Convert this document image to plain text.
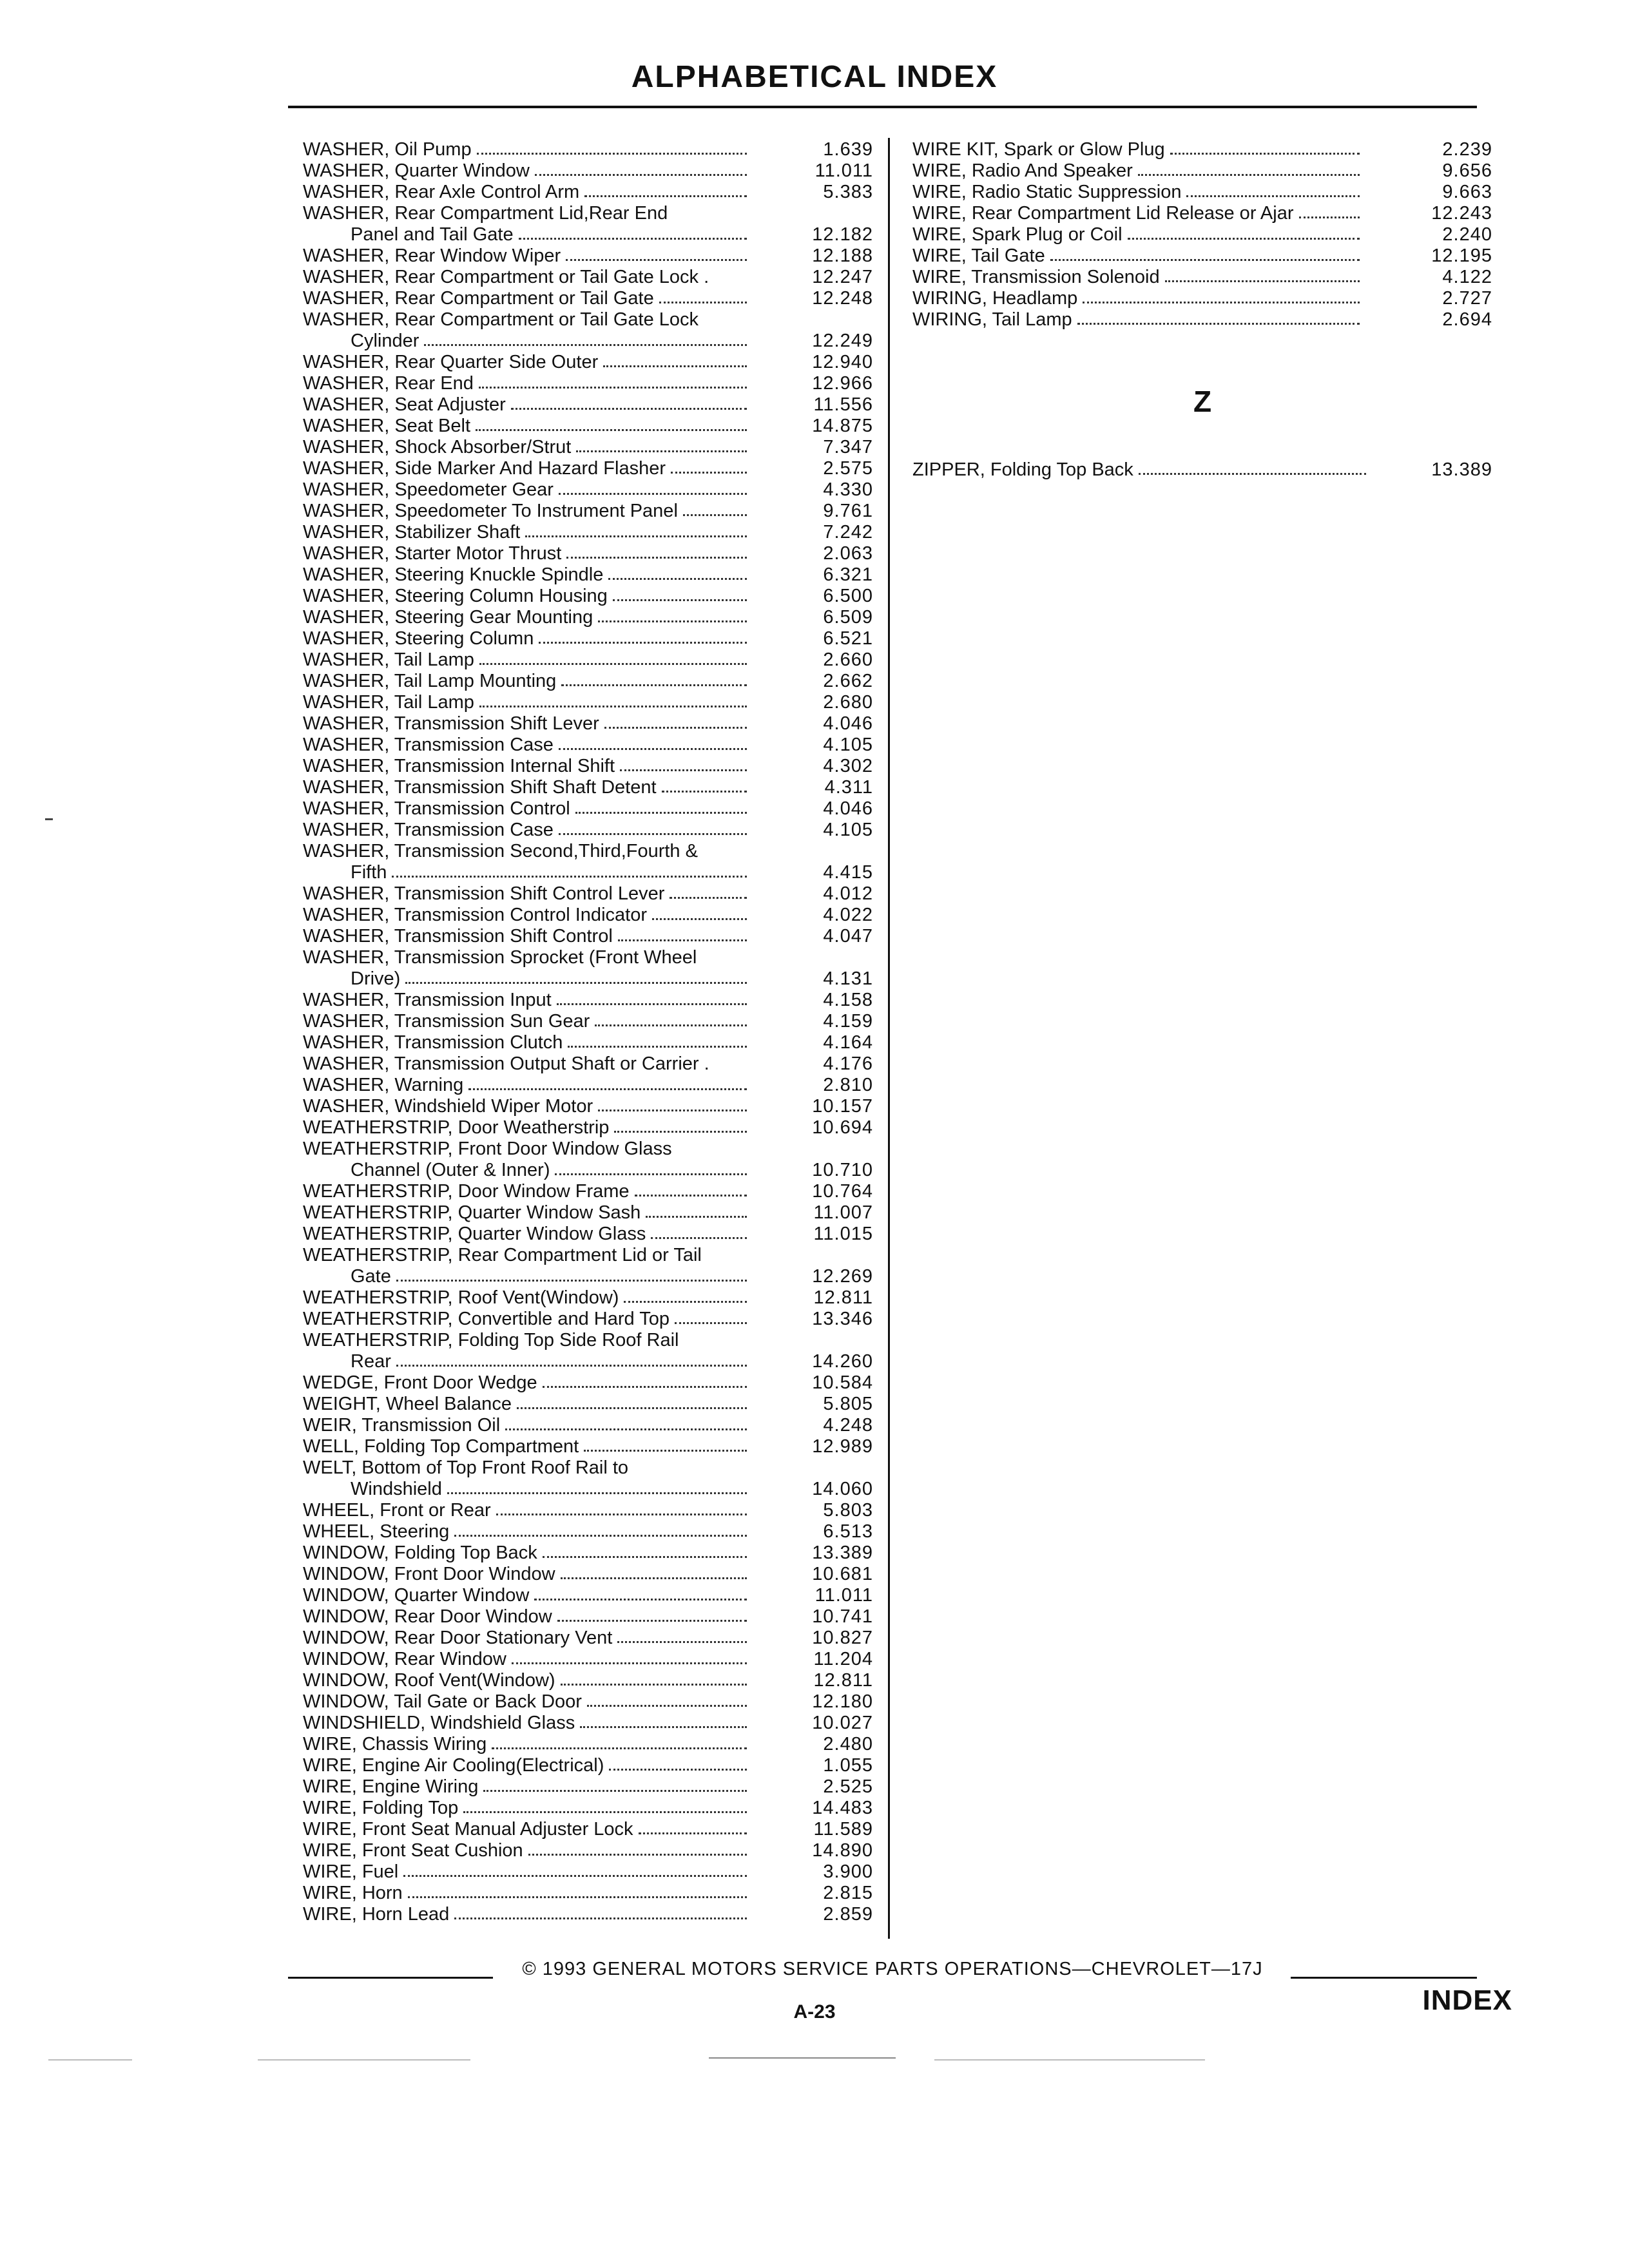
ALPHABETICAL INDEX
WASHER, Oil Pump	1.639
WASHER, Quarter Window	11.011
WASHER, Rear Axle Control Arm	5.383
WASHER, Rear Compartment Lid,Rear End
Panel and Tail Gate	12.182
WASHER, Rear Window Wiper	12.188
WASHER, Rear Compartment or Tail Gate Lock .	12.247
WASHER, Rear Compartment or Tail Gate	12.248
WASHER, Rear Compartment or Tail Gate Lock
Cylinder	12.249
WASHER, Rear Quarter Side Outer	12.940
WASHER, Rear End	12.966
WASHER, Seat Adjuster	11.556
WASHER, Seat Belt	14.875
WASHER, Shock Absorber/Strut	7.347
WASHER, Side Marker And Hazard Flasher	2.575
WASHER, Speedometer Gear	4.330
WASHER, Speedometer To Instrument Panel	9.761
WASHER, Stabilizer Shaft	7.242
WASHER, Starter Motor Thrust	2.063
WASHER, Steering Knuckle Spindle	6.321
WASHER, Steering Column Housing	6.500
WASHER, Steering Gear Mounting	6.509
WASHER, Steering Column	6.521
WASHER, Tail Lamp	2.660
WASHER, Tail Lamp Mounting	2.662
WASHER, Tail Lamp	2.680
WASHER, Transmission Shift Lever	4.046
WASHER, Transmission Case	4.105
WASHER, Transmission Internal Shift	4.302
WASHER, Transmission Shift Shaft Detent	4.311
WASHER, Transmission Control	4.046
WASHER, Transmission Case	4.105
WASHER, Transmission Second,Third,Fourth &
Fifth	4.415
WASHER, Transmission Shift Control Lever	4.012
WASHER, Transmission Control Indicator	4.022
WASHER, Transmission Shift Control	4.047
WASHER, Transmission Sprocket (Front Wheel
Drive)	4.131
WASHER, Transmission Input	4.158
WASHER, Transmission Sun Gear	4.159
WASHER, Transmission Clutch	4.164
WASHER, Transmission Output Shaft or Carrier .	4.176
WASHER, Warning	2.810
WASHER, Windshield Wiper Motor	10.157
WEATHERSTRIP, Door Weatherstrip	10.694
WEATHERSTRIP, Front Door Window Glass
Channel (Outer & Inner)	10.710
WEATHERSTRIP, Door Window Frame	10.764
WEATHERSTRIP, Quarter Window Sash	11.007
WEATHERSTRIP, Quarter Window Glass	11.015
WEATHERSTRIP, Rear Compartment Lid or Tail
Gate	12.269
WEATHERSTRIP, Roof Vent(Window)	12.811
WEATHERSTRIP, Convertible and Hard Top	13.346
WEATHERSTRIP, Folding Top Side Roof Rail
Rear	14.260
WEDGE, Front Door Wedge	10.584
WEIGHT, Wheel Balance	5.805
WEIR, Transmission Oil	4.248
WELL, Folding Top Compartment	12.989
WELT, Bottom of Top Front Roof Rail to
Windshield	14.060
WHEEL, Front or Rear	5.803
WHEEL, Steering	6.513
WINDOW, Folding Top Back	13.389
WINDOW, Front Door Window	10.681
WINDOW, Quarter Window	11.011
WINDOW, Rear Door Window	10.741
WINDOW, Rear Door Stationary Vent	10.827
WINDOW, Rear Window	11.204
WINDOW, Roof Vent(Window)	12.811
WINDOW, Tail Gate or Back Door	12.180
WINDSHIELD, Windshield Glass	10.027
WIRE, Chassis Wiring	2.480
WIRE, Engine Air Cooling(Electrical)	1.055
WIRE, Engine Wiring	2.525
WIRE, Folding Top	14.483
WIRE, Front Seat Manual Adjuster Lock	11.589
WIRE, Front Seat Cushion	14.890
WIRE, Fuel	3.900
WIRE, Horn	2.815
WIRE, Horn Lead	2.859
WIRE KIT, Spark or Glow Plug	2.239
WIRE, Radio And Speaker	9.656
WIRE, Radio Static Suppression	9.663
WIRE, Rear Compartment Lid Release or Ajar	12.243
WIRE, Spark Plug or Coil	2.240
WIRE, Tail Gate	12.195
WIRE, Transmission Solenoid	4.122
WIRING, Headlamp	2.727
WIRING, Tail Lamp	2.694
Z
ZIPPER, Folding Top Back	13.389
© 1993 GENERAL MOTORS SERVICE PARTS OPERATIONS—CHEVROLET—17J
A-23	INDEX
